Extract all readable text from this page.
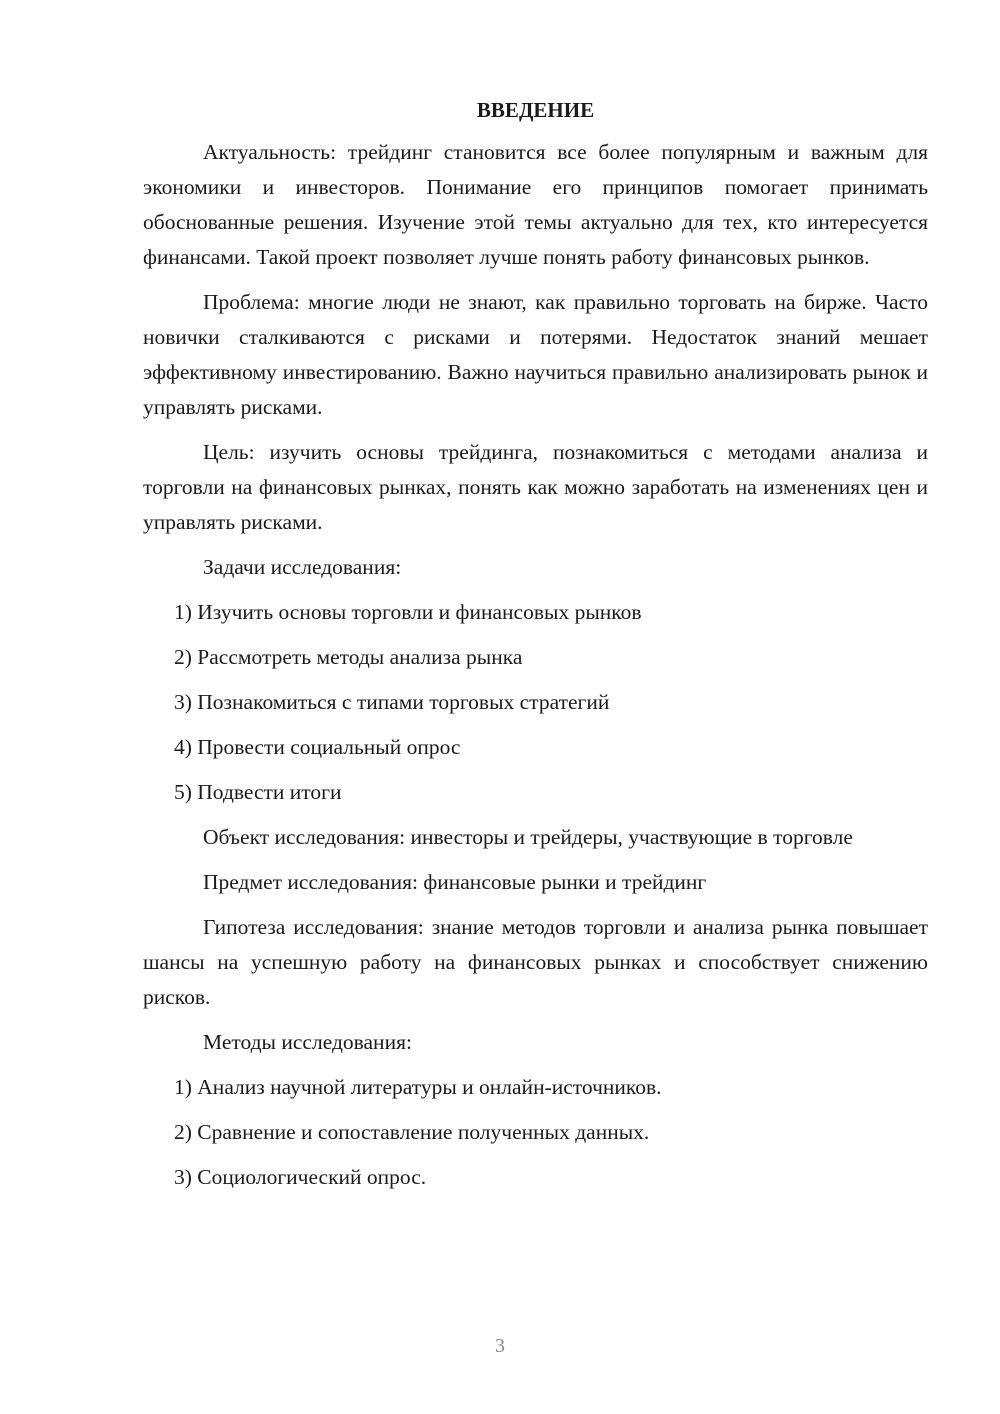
ВВЕДЕНИЕ
Актуальность: трейдинг становится все более популярным и важным для экономики и инвесторов. Понимание его принципов помогает принимать обоснованные решения. Изучение этой темы актуально для тех, кто интересуется финансами. Такой проект позволяет лучше понять работу финансовых рынков.
Проблема: многие люди не знают, как правильно торговать на бирже. Часто новички сталкиваются с рисками и потерями. Недостаток знаний мешает эффективному инвестированию. Важно научиться правильно анализировать рынок и управлять рисками.
Цель: изучить основы трейдинга, познакомиться с методами анализа и торговли на финансовых рынках, понять как можно заработать на изменениях цен и управлять рисками.
Задачи исследования:
1) Изучить основы торговли и финансовых рынков
2) Рассмотреть методы анализа рынка
3) Познакомиться с типами торговых стратегий
4) Провести социальный опрос
5) Подвести итоги
Объект исследования: инвесторы и трейдеры, участвующие в торговле
Предмет исследования: финансовые рынки и трейдинг
Гипотеза исследования: знание методов торговли и анализа рынка повышает шансы на успешную работу на финансовых рынках и способствует снижению рисков.
Методы исследования:
1) Анализ научной литературы и онлайн-источников.
2) Сравнение и сопоставление полученных данных.
3) Социологический опрос.
3
